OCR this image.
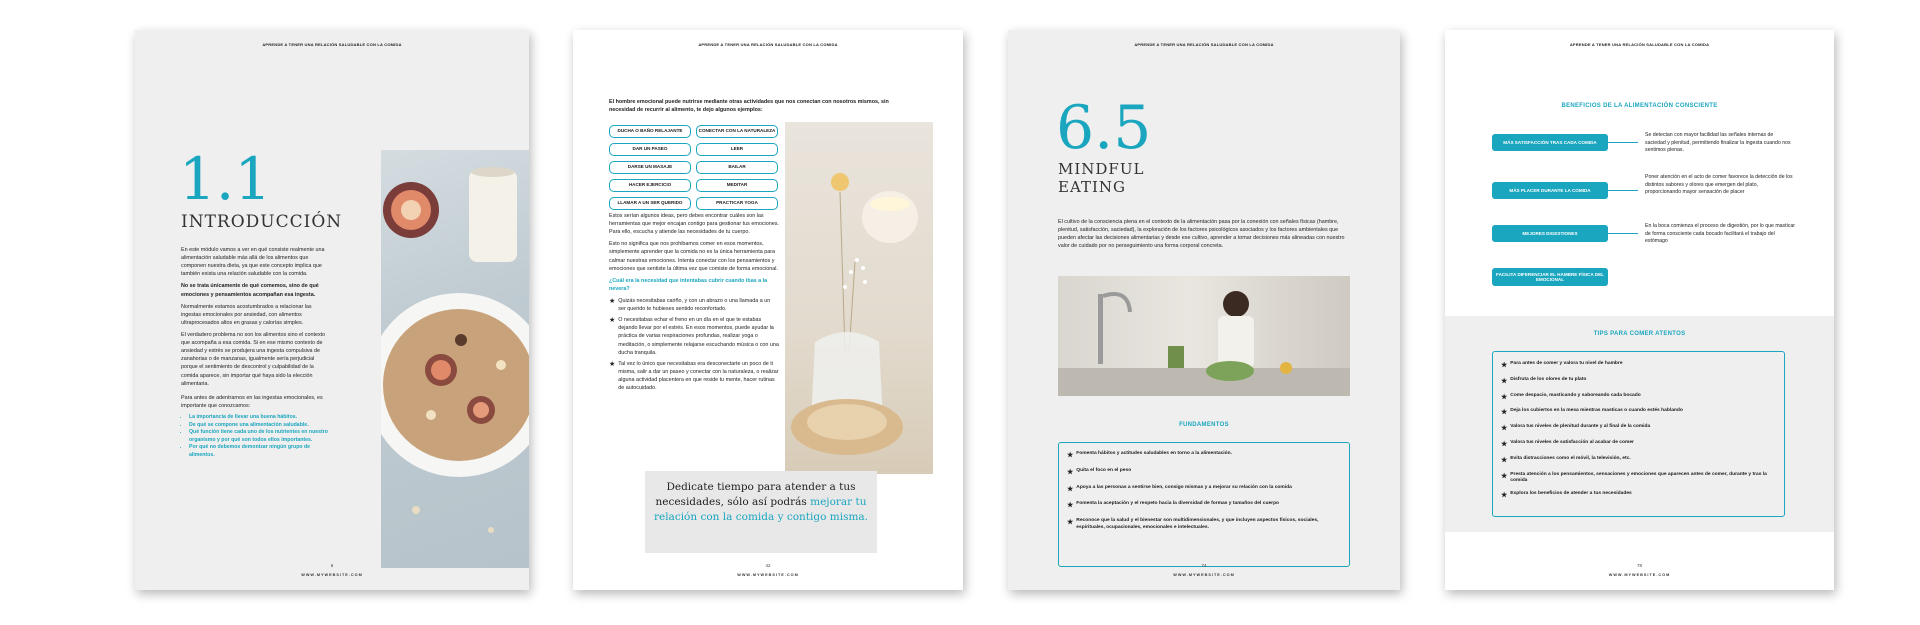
APRENDE A TENER UNA RELACIÓN SALUDABLE CON LA COMIDA
1.1
INTRODUCCIÓN

En este módulo vamos a ver en qué consiste realmente una alimentación saludable más allá de los alimentos que componen nuestra dieta, ya que este concepto implica que también exista una relación saludable con la comida.

No se trata únicamente de qué comemos, sino de qué emociones y pensamientos acompañan esa ingesta.

Normalmente estamos acostumbrados a relacionar las ingestas emocionales por ansiedad, con alimentos ultraprocesados altos en grasas y calorías simples.

El verdadero problema no son los alimentos sino el contexto que acompaña a esa comida. Si en ese mismo contexto de ansiedad y estrés se produjera una ingesta compulsiva de zanahorias o de manzanas, igualmente sería perjudicial porque el sentimiento de descontrol y culpabilidad de la comida aparece, sin importar qué haya sido la elección alimentaria.

Para antes de adentrarnos en las ingestas emocionales, es importante que conozcamos:

• La importancia de llevar una buena hábitos.
• De qué se compone una alimentación saludable.
• Qué función tiene cada uno de los nutrientes en nuestro organismo y por qué son todos ellos importantes.
• Por qué no debemos demonizar ningún grupo de alimentos.
6
WWW.MYWEBSITE.COM
APRENDE A TENER UNA RELACIÓN SALUDABLE CON LA COMIDA
El hombre emocional puede nutrirse mediante otras actividades que nos conectan con nosotros mismos, sin necesidad de recurrir al alimento, te dejo algunos ejemplos:
DUCHA O BAÑO RELAJANTE	CONECTAR CON LA NATURALEZA
DAR UN PASEO	LEER
DARSE UN MASAJE	BAILAR
HACER EJERCICIO	MEDITAR
LLAMAR A UN SER QUERIDO	PRACTICAR YOGA

Estos serían algunos ideas, pero debes encontrar cuáles son las herramientas que mejor encajan contigo para gestionar tus emociones. Para ello, escucha y atiende las necesidades de tu cuerpo.

Esto no significa que nos prohibamos comer en esos momentos, simplemente aprender que la comida no es la única herramienta para calmar nuestras emociones. Intenta conectar con los pensamientos y emociones que sentiste la última vez que comiste de forma emocional.

¿Cuál era la necesidad que intentabas cubrir cuando ibas a la nevera?

★ Quizás necesitabas cariño, y con un abrazo o una llamada a un ser querido te hubieses sentido reconfortado.
★ O necesitabas echar el freno en un día en el que te estabas dejando llevar por el estrés. En esos momentos, puede ayudar la práctica de varias respiraciones profundas, realizar yoga o meditación, o simplemente relajarse escuchando música o con una ducha tranquila.
★ Tal vez lo único que necesitabas era desconectarte un poco de ti misma, salir a dar un paseo y conectar con la naturaleza, o realizar alguna actividad placentera en que reside tu mente, hacer rutinas de autocuidado.
Dedicate tiempo para atender a tus necesidades, sólo así podrás mejorar tu relación con la comida y contigo misma.
42
WWW.MYWEBSITE.COM
APRENDE A TENER UNA RELACIÓN SALUDABLE CON LA COMIDA
6.5
MINDFUL
EATING
El cultivo de la consciencia plena en el contexto de la alimentación pasa por la conexión con señales físicas (hambre, plenitud, satisfacción, saciedad), la exploración de los factores psicológicos asociados y los factores ambientales que pueden afectar las decisiones alimentarias y desde ese cultivo, aprender a tomar decisiones más alineadas con nuestro valor de cuidado por no perseguimiento una forma corporal concreta.
FUNDAMENTOS
★ Fomenta hábitos y actitudes saludables en torno a la alimentación.
★ Quita el foco en el peso
★ Apoya a las personas a sentirse bien, consigo mismas y a mejorar su relación con la comida
★ Fomenta la aceptación y el respeto hacia la diversidad de formas y tamaños del cuerpo
★ Reconoce que la salud y el bienestar son multidimensionales, y que incluyen aspectos físicos, sociales, espirituales, ocupacionales, emocionales e intelectuales.
74
WWW.MYWEBSITE.COM
APRENDE A TENER UNA RELACIÓN SALUDABLE CON LA COMIDA
BENEFICIOS DE LA ALIMENTACIÓN CONSCIENTE
MÁS SATISFACCIÓN TRAS CADA COMIDA
Se detectan con mayor facilidad las señales internas de saciedad y plenitud, permitiendo finalizar la ingesta cuando nos sentimos plenas.
MÁS PLACER DURANTE LA COMIDA
Poner atención en el acto de comer favorece la detección de los distintos sabores y olores que emergen del plato, proporcionando mayor sensación de placer
MEJORES DIGESTIONES
En la boca comienza el proceso de digestión, por lo que masticar de forma consciente cada bocado facilitará el trabajo del estómago
FACILITA DIFERENCIAR EL HAMBRE FÍSICA DEL EMOCIONAL
TIPS PARA COMER ATENTOS
★ Para antes de comer y valora tu nivel de hambre
★ Disfruta de los olores de tu plato
★ Come despacio, masticando y saboreando cada bocado
★ Deja los cubiertos en la mesa mientras masticas o cuando estés hablando
★ Valora tus niveles de plenitud durante y al final de la comida
★ Valora tus niveles de satisfacción al acabar de comer
★ Evita distracciones como el móvil, la televisión, etc.
★ Presta atención a los pensamientos, sensaciones y emociones que aparecen antes de comer, durante y tras la comida
★ Explora los beneficios de atender a tus necesidades
78
WWW.MYWEBSITE.COM
